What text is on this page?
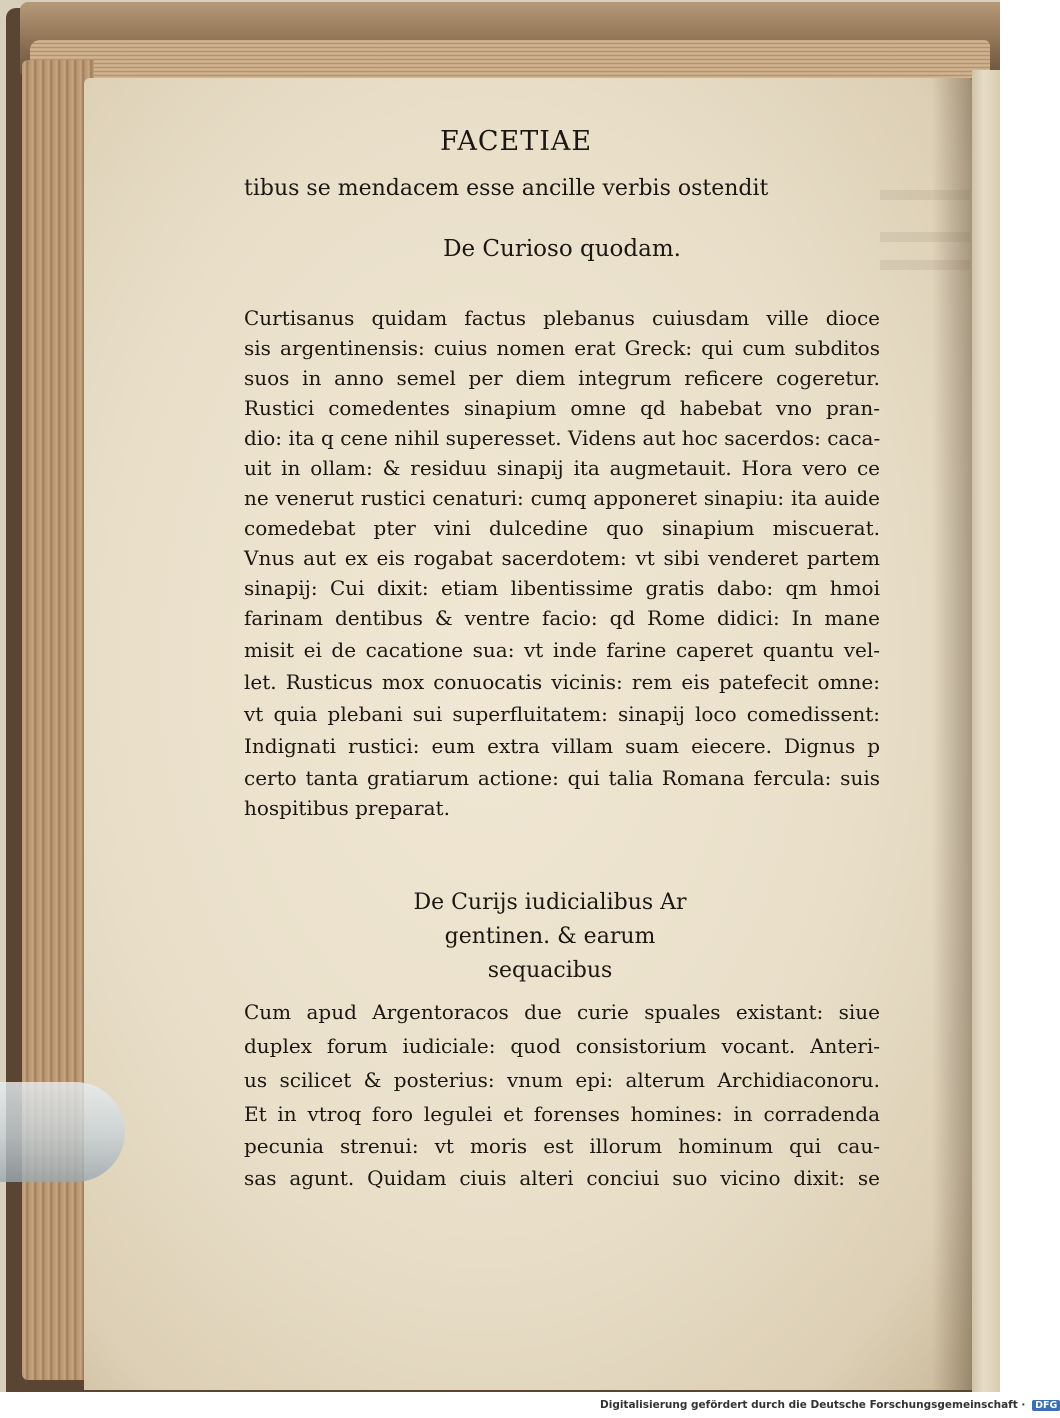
FACETIAE
tibus se mendacem esse ancille verbis ostendit
De Curioso quodam.
Curtisanus quidam factus plebanus cuiusdam ville dioce
sis argentinensis: cuius nomen erat Greck: qui cum subditos
suos in anno semel per diem integrum reficere cogeretur.
Rustici comedentes sinapium omne qd habebat vno pran-
dio: ita q cene nihil superesset. Videns aut hoc sacerdos: caca-
uit in ollam: & residuu sinapij ita augmetauit. Hora vero ce
ne venerut rustici cenaturi: cumq apponeret sinapiu: ita auide
comedebat pter vini dulcedine quo sinapium miscuerat.
Vnus aut ex eis rogabat sacerdotem: vt sibi venderet partem
sinapij: Cui dixit: etiam libentissime gratis dabo: qm hmoi
farinam dentibus & ventre facio: qd Rome didici: In mane
misit ei de cacatione sua: vt inde farine caperet quantu vel-
let. Rusticus mox conuocatis vicinis: rem eis patefecit omne:
vt quia plebani sui superfluitatem: sinapij loco comedissent:
Indignati rustici: eum extra villam suam eiecere. Dignus p
certo tanta gratiarum actione: qui talia Romana fercula: suis
hospitibus preparat.
De Curijs iudicialibus Ar
gentinen. & earum
sequacibus
Cum apud Argentoracos due curie spuales existant: siue
duplex forum iudiciale: quod consistorium vocant. Anteri-
us scilicet & posterius: vnum epi: alterum Archidiaconoru.
Et in vtroq foro legulei et forenses homines: in corradenda
pecunia strenui: vt moris est illorum hominum qui cau-
sas agunt. Quidam ciuis alteri conciui suo vicino dixit: se
Digitalisierung gefördert durch die Deutsche Forschungsgemeinschaft · DFG
